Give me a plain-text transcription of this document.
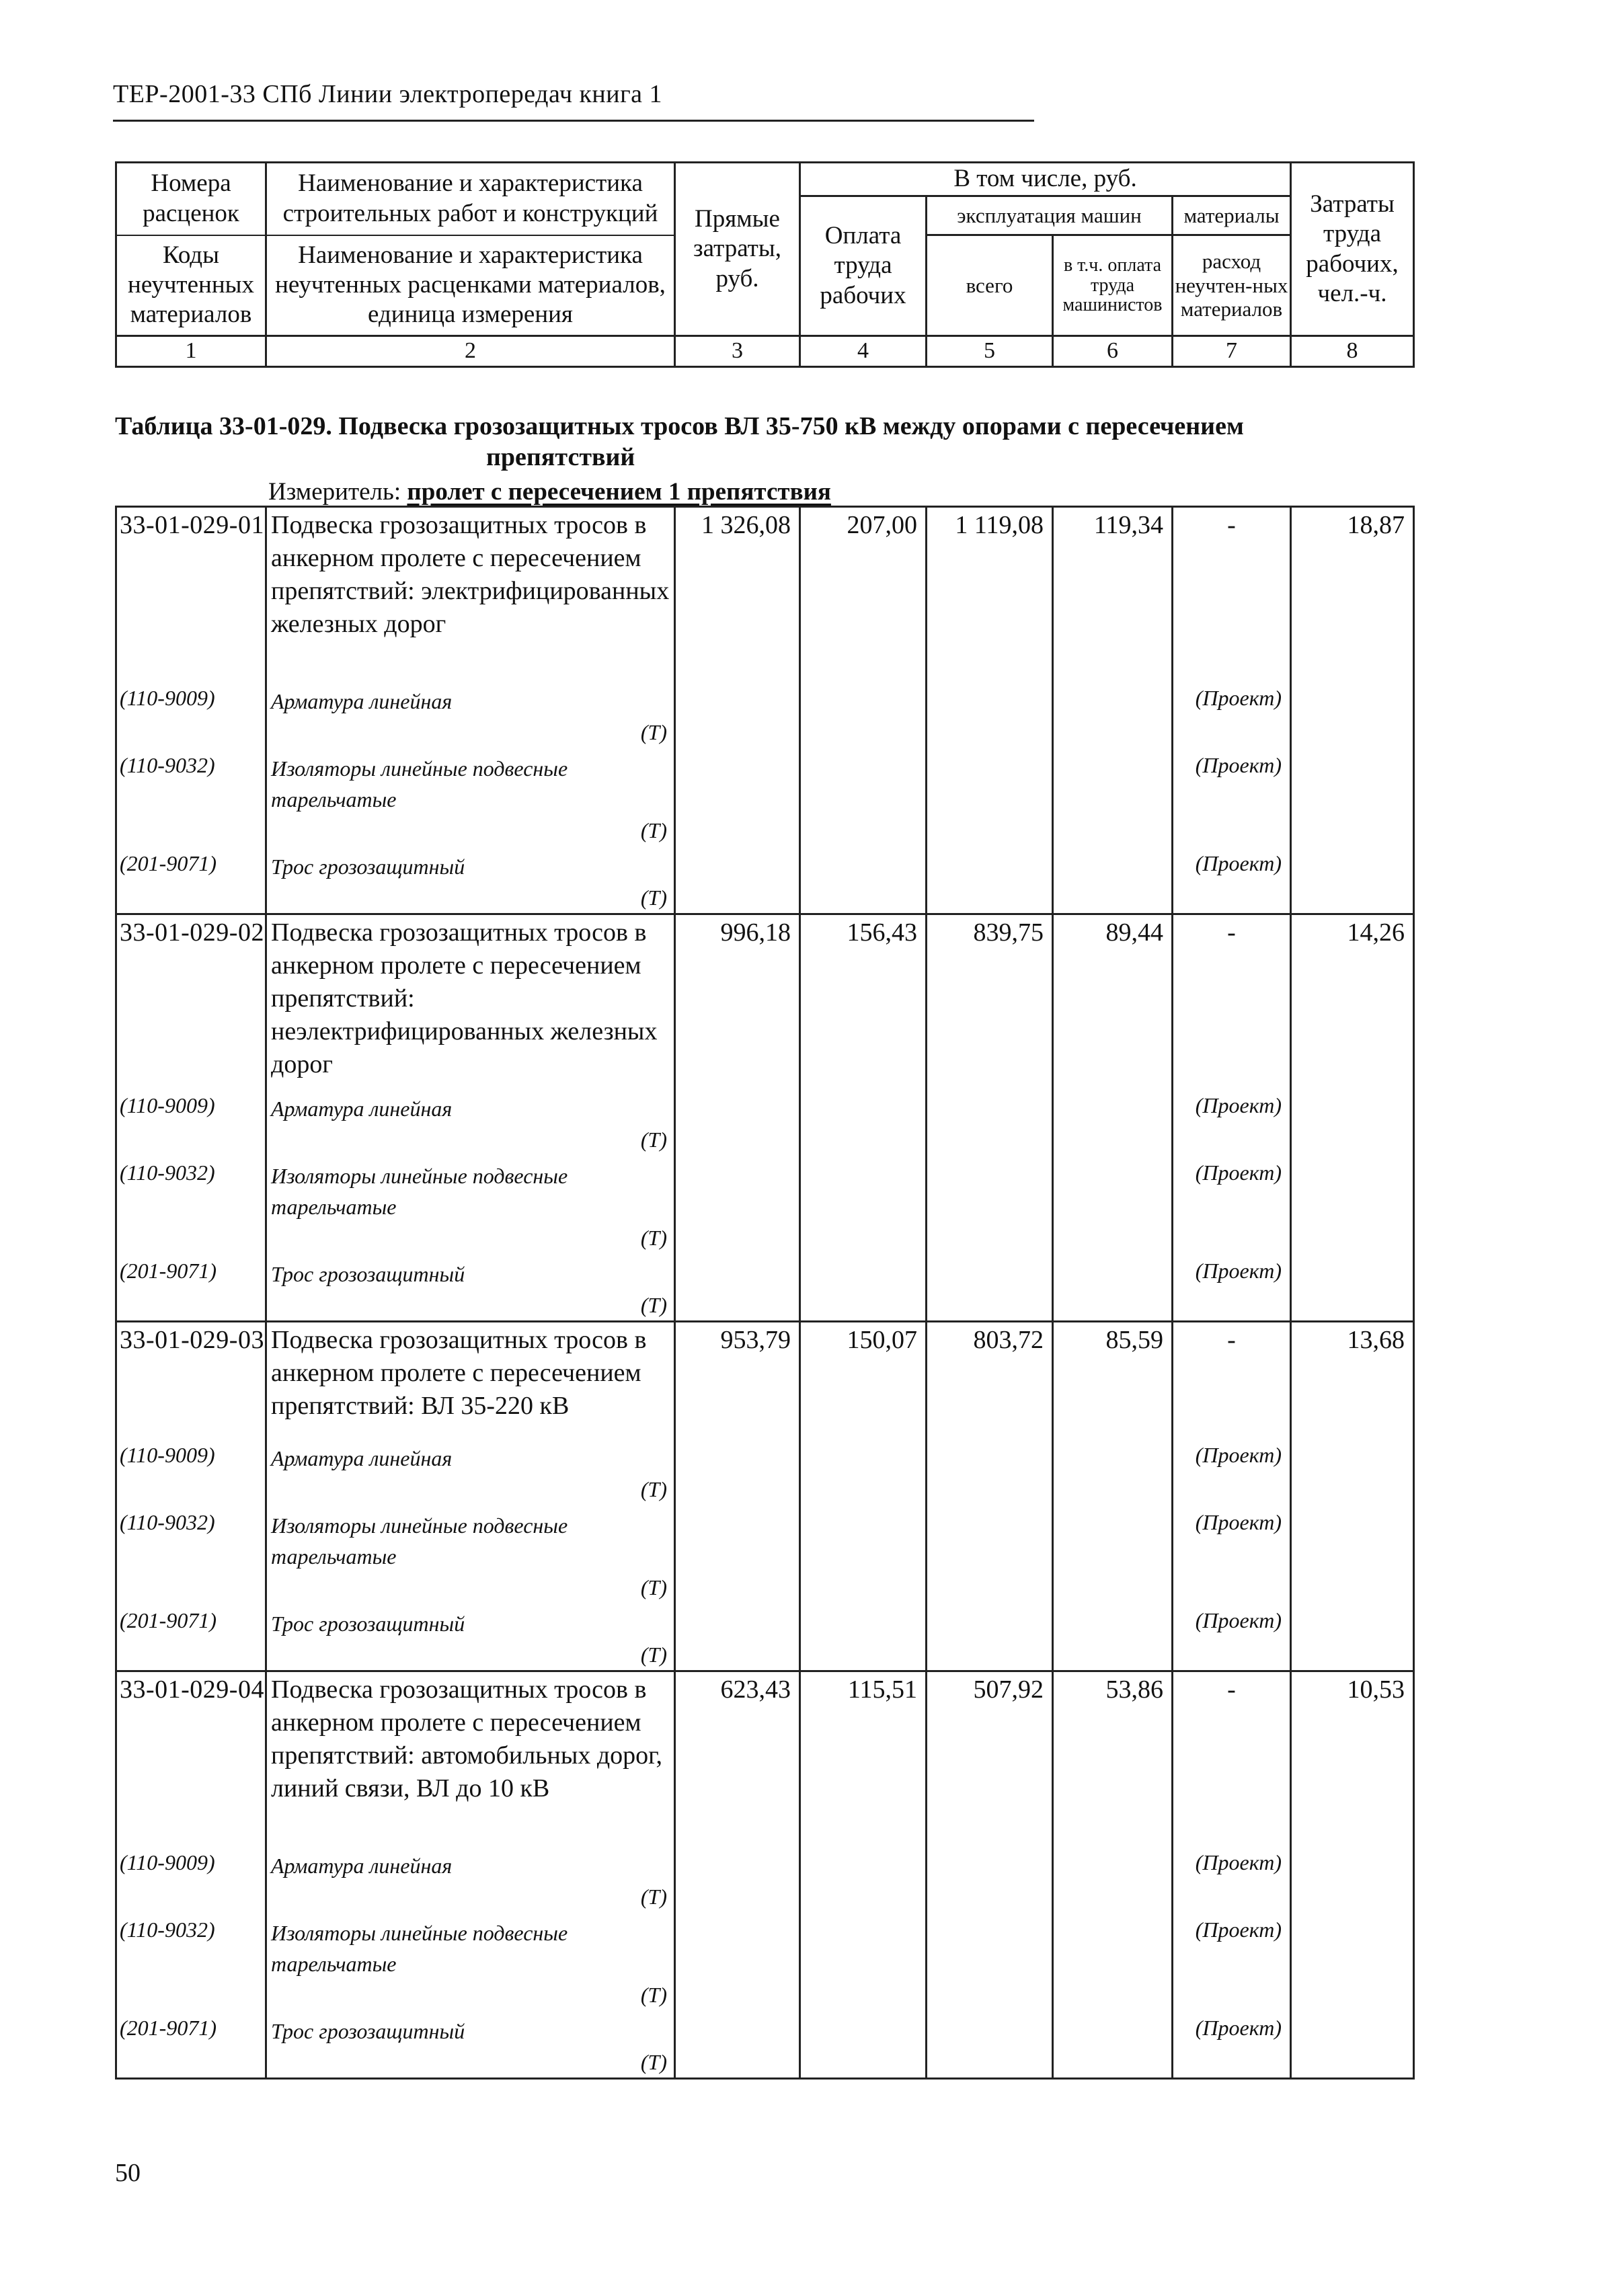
ТЕР-2001-33 СПб Линии электропередач книга 1
Номера расценок	Наименование и характеристика строительных работ и конструкций	Прямые затраты, руб.	В том числе, руб.				Затраты труда рабочих, чел.-ч.
			Оплата труда рабочих	эксплуатация машин		материалы	
Коды неучтенных материалов	Наименование и характеристика неучтенных расценками материалов, единица измерения			всего	в т.ч. оплата труда машинистов	расход неучтен-ных материалов	

1	2	3	4	5	6	7	8
Таблица 33-01-029. Подвеска грозозащитных тросов ВЛ 35-750 кВ между опорами с пересечением
препятствий
Измеритель: пролет с пересечением 1 препятствия
33-01-029-01	Подвеска грозозащитных тросов в анкерном пролете с пересечением препятствий: электрифицированных железных дорог	1 326,08	207,00	1 119,08	119,34	-	18,87
(110-9009)	Арматура линейная
(Т)					(Проект)	
(110-9032)	Изоляторы линейные подвесные тарельчатые
(Т)					(Проект)	
(201-9071)	Трос грозозащитный
(Т)					(Проект)	
33-01-029-02	Подвеска грозозащитных тросов в анкерном пролете с пересечением препятствий: неэлектрифицированных железных дорог	996,18	156,43	839,75	89,44	-	14,26
(110-9009)	Арматура линейная
(Т)					(Проект)	
(110-9032)	Изоляторы линейные подвесные тарельчатые
(Т)					(Проект)	
(201-9071)	Трос грозозащитный
(Т)					(Проект)	
33-01-029-03	Подвеска грозозащитных тросов в анкерном пролете с пересечением препятствий: ВЛ 35-220 кВ	953,79	150,07	803,72	85,59	-	13,68
(110-9009)	Арматура линейная
(Т)					(Проект)	
(110-9032)	Изоляторы линейные подвесные тарельчатые
(Т)					(Проект)	
(201-9071)	Трос грозозащитный
(Т)					(Проект)	
33-01-029-04	Подвеска грозозащитных тросов в анкерном пролете с пересечением препятствий: автомобильных дорог, линий связи, ВЛ до 10 кВ	623,43	115,51	507,92	53,86	-	10,53
(110-9009)	Арматура линейная
(Т)					(Проект)	
(110-9032)	Изоляторы линейные подвесные тарельчатые
(Т)					(Проект)	
(201-9071)	Трос грозозащитный
(Т)					(Проект)	
50
